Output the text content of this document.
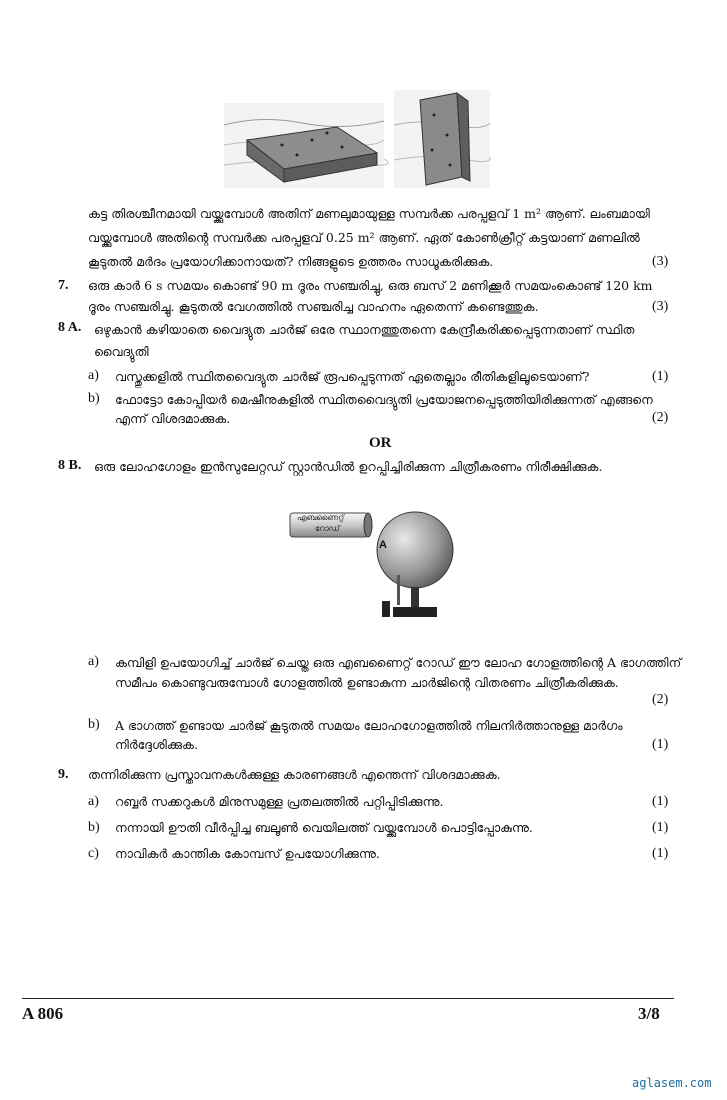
കട്ട തിരശ്ചീനമായി വയ്ക്കുമ്പോൾ അതിന് മണലുമായുള്ള സമ്പർക്ക പരപ്പളവ് 1 m² ആണ്. ലംബമായി
വയ്ക്കുമ്പോൾ അതിന്റെ സമ്പർക്ക പരപ്പളവ് 0.25 m² ആണ്. ഏത് കോൺക്രീറ്റ് കട്ടയാണ് മണലിൽ
കൂടുതൽ മർദം പ്രയോഗിക്കാനായത്? നിങ്ങളുടെ ഉത്തരം സാധൂകരിക്കുക.	(3)
7. ഒരു കാർ 6 s സമയം കൊണ്ട് 90 m ദൂരം സഞ്ചരിച്ചു, ഒരു ബസ് 2 മണിക്കൂർ സമയംകൊണ്ട് 120 km
ദൂരം സഞ്ചരിച്ചു. കൂടുതൽ വേഗത്തിൽ സഞ്ചരിച്ച വാഹനം ഏതെന്ന് കണ്ടെത്തുക.	(3)
8 A. ഒഴുകാൻ കഴിയാതെ വൈദ്യുത ചാർജ് ഒരേ സ്ഥാനത്തുതന്നെ കേന്ദ്രീകരിക്കപ്പെടുന്നതാണ് സ്ഥിത
വൈദ്യുതി
a) വസ്തുക്കളിൽ സ്ഥിതവൈദ്യുത ചാർജ് രൂപപ്പെടുന്നത് ഏതെല്ലാം രീതികളിലൂടെയാണ്?	(1)
b) ഫോട്ടോ കോപ്പിയർ മെഷീനുകളിൽ സ്ഥിതവൈദ്യുതി പ്രയോജനപ്പെടുത്തിയിരിക്കുന്നത് എങ്ങനെ
എന്ന് വിശദമാക്കുക.	(2)
OR
8 B. ഒരു ലോഹഗോളം ഇൻസുലേറ്റഡ് സ്റ്റാൻഡിൽ ഉറപ്പിച്ചിരിക്കുന്ന ചിത്രീകരണം നിരീക്ഷിക്കുക.
എബണൈറ്റ്
റോഡ്
A
a) കമ്പിളി ഉപയോഗിച്ച് ചാർജ് ചെയ്ത ഒരു എബണൈറ്റ് റോഡ് ഈ ലോഹ ഗോളത്തിന്റെ A ഭാഗത്തിന്
സമീപം കൊണ്ടുവരുമ്പോൾ ഗോളത്തിൽ ഉണ്ടാകുന്ന ചാർജിന്റെ വിതരണം ചിത്രീകരിക്കുക.
(2)
b) A ഭാഗത്ത് ഉണ്ടായ ചാർജ് കൂടുതൽ സമയം ലോഹഗോളത്തിൽ നിലനിർത്താനുള്ള മാർഗം
നിർദ്ദേശിക്കുക.	(1)
9. തന്നിരിക്കുന്ന പ്രസ്താവനകൾക്കുള്ള കാരണങ്ങൾ എന്തെന്ന് വിശദമാക്കുക.
a) റബ്ബർ സക്കറുകൾ മിനുസമുള്ള പ്രതലത്തിൽ പറ്റിപ്പിടിക്കുന്നു.	(1)
b) നന്നായി ഊതി വീർപ്പിച്ച ബലൂൺ വെയിലത്ത് വയ്ക്കുമ്പോൾ പൊട്ടിപ്പോകുന്നു.	(1)
c) നാവികർ കാന്തിക കോമ്പസ് ഉപയോഗിക്കുന്നു.	(1)
A 806	3/8
aglasem.com
